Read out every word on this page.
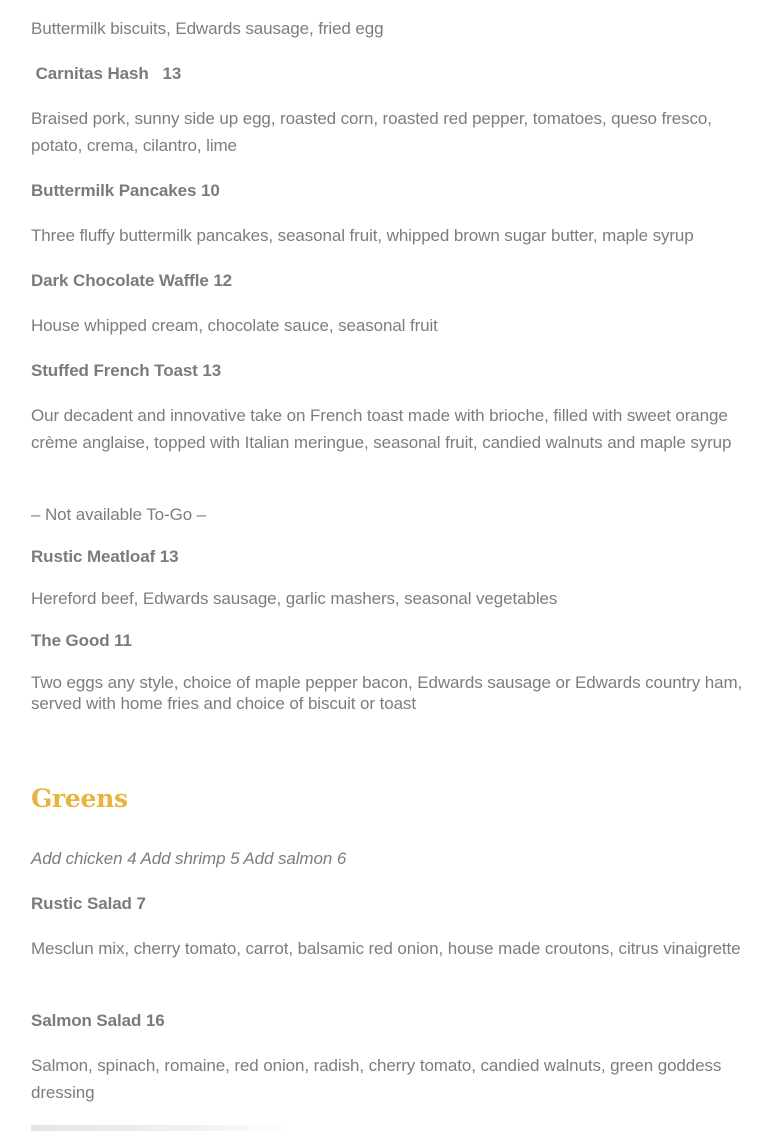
Buttermilk biscuits, Edwards sausage, fried egg

Carnitas Hash   13

Braised pork, sunny side up egg, roasted corn, roasted red pepper, tomatoes, queso fresco, potato, crema, cilantro, lime

Buttermilk Pancakes 10

Three fluffy buttermilk pancakes, seasonal fruit, whipped brown sugar butter, maple syrup

Dark Chocolate Waffle 12

House whipped cream, chocolate sauce, seasonal fruit

Stuffed French Toast 13

Our decadent and innovative take on French toast made with brioche, filled with sweet orange crème anglaise, topped with Italian meringue, seasonal fruit, candied walnuts and maple syrup

– Not available To-Go –

Rustic Meatloaf 13

Hereford beef, Edwards sausage, garlic mashers, seasonal vegetables

The Good 11

Two eggs any style, choice of maple pepper bacon, Edwards sausage or Edwards country ham, served with home fries and choice of biscuit or toast

Greens

Add chicken 4 Add shrimp 5 Add salmon 6

Rustic Salad 7

Mesclun mix, cherry tomato, carrot, balsamic red onion, house made croutons, citrus vinaigrette

Salmon Salad 16

Salmon, spinach, romaine, red onion, radish, cherry tomato, candied walnuts, green goddess dressing
